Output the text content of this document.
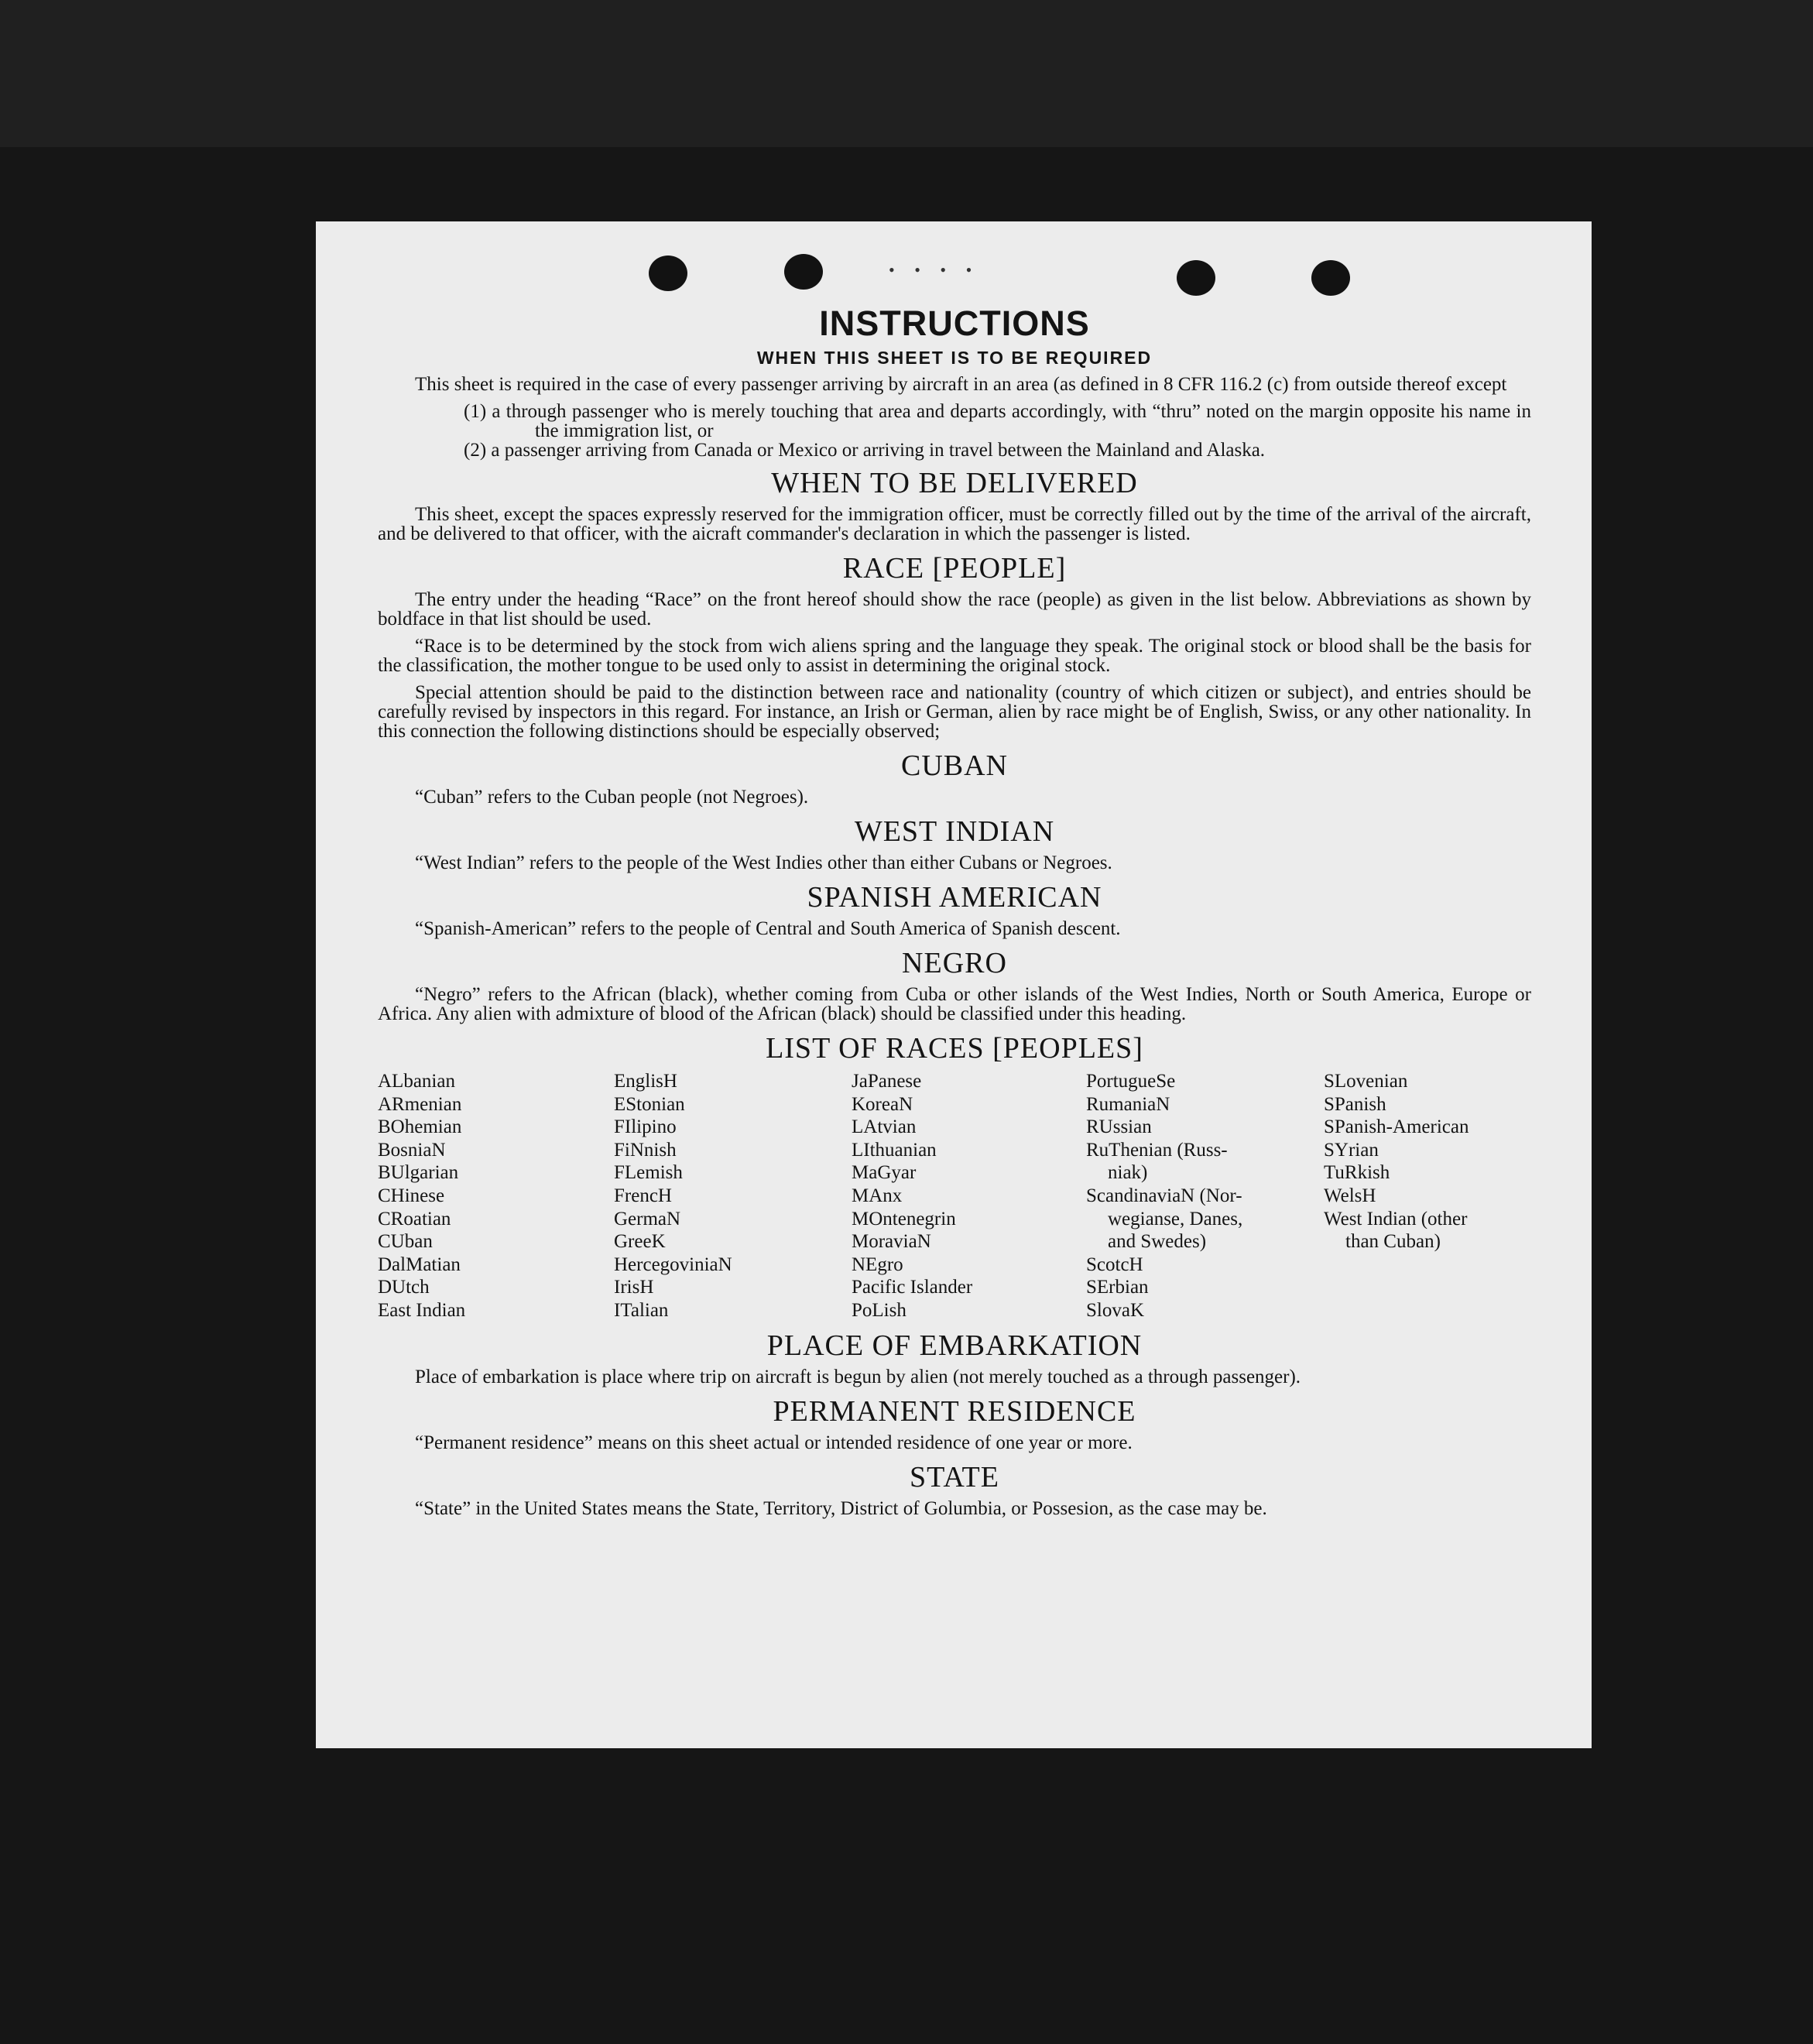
• • • •
INSTRUCTIONS
WHEN THIS SHEET IS TO BE REQUIRED

This sheet is required in the case of every passenger arriving by aircraft in an area (as defined in 8 CFR 116.2 (c) from outside thereof except

(1) a through passenger who is merely touching that area and departs accordingly, with “thru” noted on the margin opposite his name in the immigration list, or

(2) a passenger arriving from Canada or Mexico or arriving in travel between the Mainland and Alaska.

WHEN TO BE DELIVERED

This sheet, except the spaces expressly reserved for the immigration officer, must be correctly filled out by the time of the arrival of the aircraft, and be delivered to that officer, with the aicraft commander's declaration in which the passenger is listed.

RACE [PEOPLE]

The entry under the heading “Race” on the front hereof should show the race (people) as given in the list below. Abbreviations as shown by boldface in that list should be used.

“Race is to be determined by the stock from wich aliens spring and the language they speak. The original stock or blood shall be the basis for the classification, the mother tongue to be used only to assist in determining the original stock.

Special attention should be paid to the distinction between race and nationality (country of which citizen or subject), and entries should be carefully revised by inspectors in this regard. For instance, an Irish or German, alien by race might be of English, Swiss, or any other nationality. In this connection the following distinctions should be especially observed;

CUBAN

“Cuban” refers to the Cuban people (not Negroes).

WEST INDIAN

“West Indian” refers to the people of the West Indies other than either Cubans or Negroes.

SPANISH AMERICAN

“Spanish-American” refers to the people of Central and South America of Spanish descent.

NEGRO

“Negro” refers to the African (black), whether coming from Cuba or other islands of the West Indies, North or South America, Europe or Africa. Any alien with admixture of blood of the African (black) should be classified under this heading.

LIST OF RACES [PEOPLES]
ALbanian
ARmenian
BOhemian
BosniaN
BUlgarian
CHinese
CRoatian
CUban
DalMatian
DUtch
East Indian
EnglisH
EStonian
FIlipino
FiNnish
FLemish
FrencH
GermaN
GreeK
HercegoviniaN
IrisH
ITalian
JaPanese
KoreaN
LAtvian
LIthuanian
MaGyar
MAnx
MOntenegrin
MoraviaN
NEgro
Pacific Islander
PoLish
PortugueSe
RumaniaN
RUssian
RuThenian (Russ-
niak)
ScandinaviaN (Nor-
wegianse, Danes,
and Swedes)
ScotcH
SErbian
SlovaK
SLovenian
SPanish
SPanish-American
SYrian
TuRkish
WelsH
West Indian (other
than Cuban)
PLACE OF EMBARKATION

Place of embarkation is place where trip on aircraft is begun by alien (not merely touched as a through passenger).

PERMANENT RESIDENCE

“Permanent residence” means on this sheet actual or intended residence of one year or more.

STATE

“State” in the United States means the State, Territory, District of Golumbia, or Possesion, as the case may be.
